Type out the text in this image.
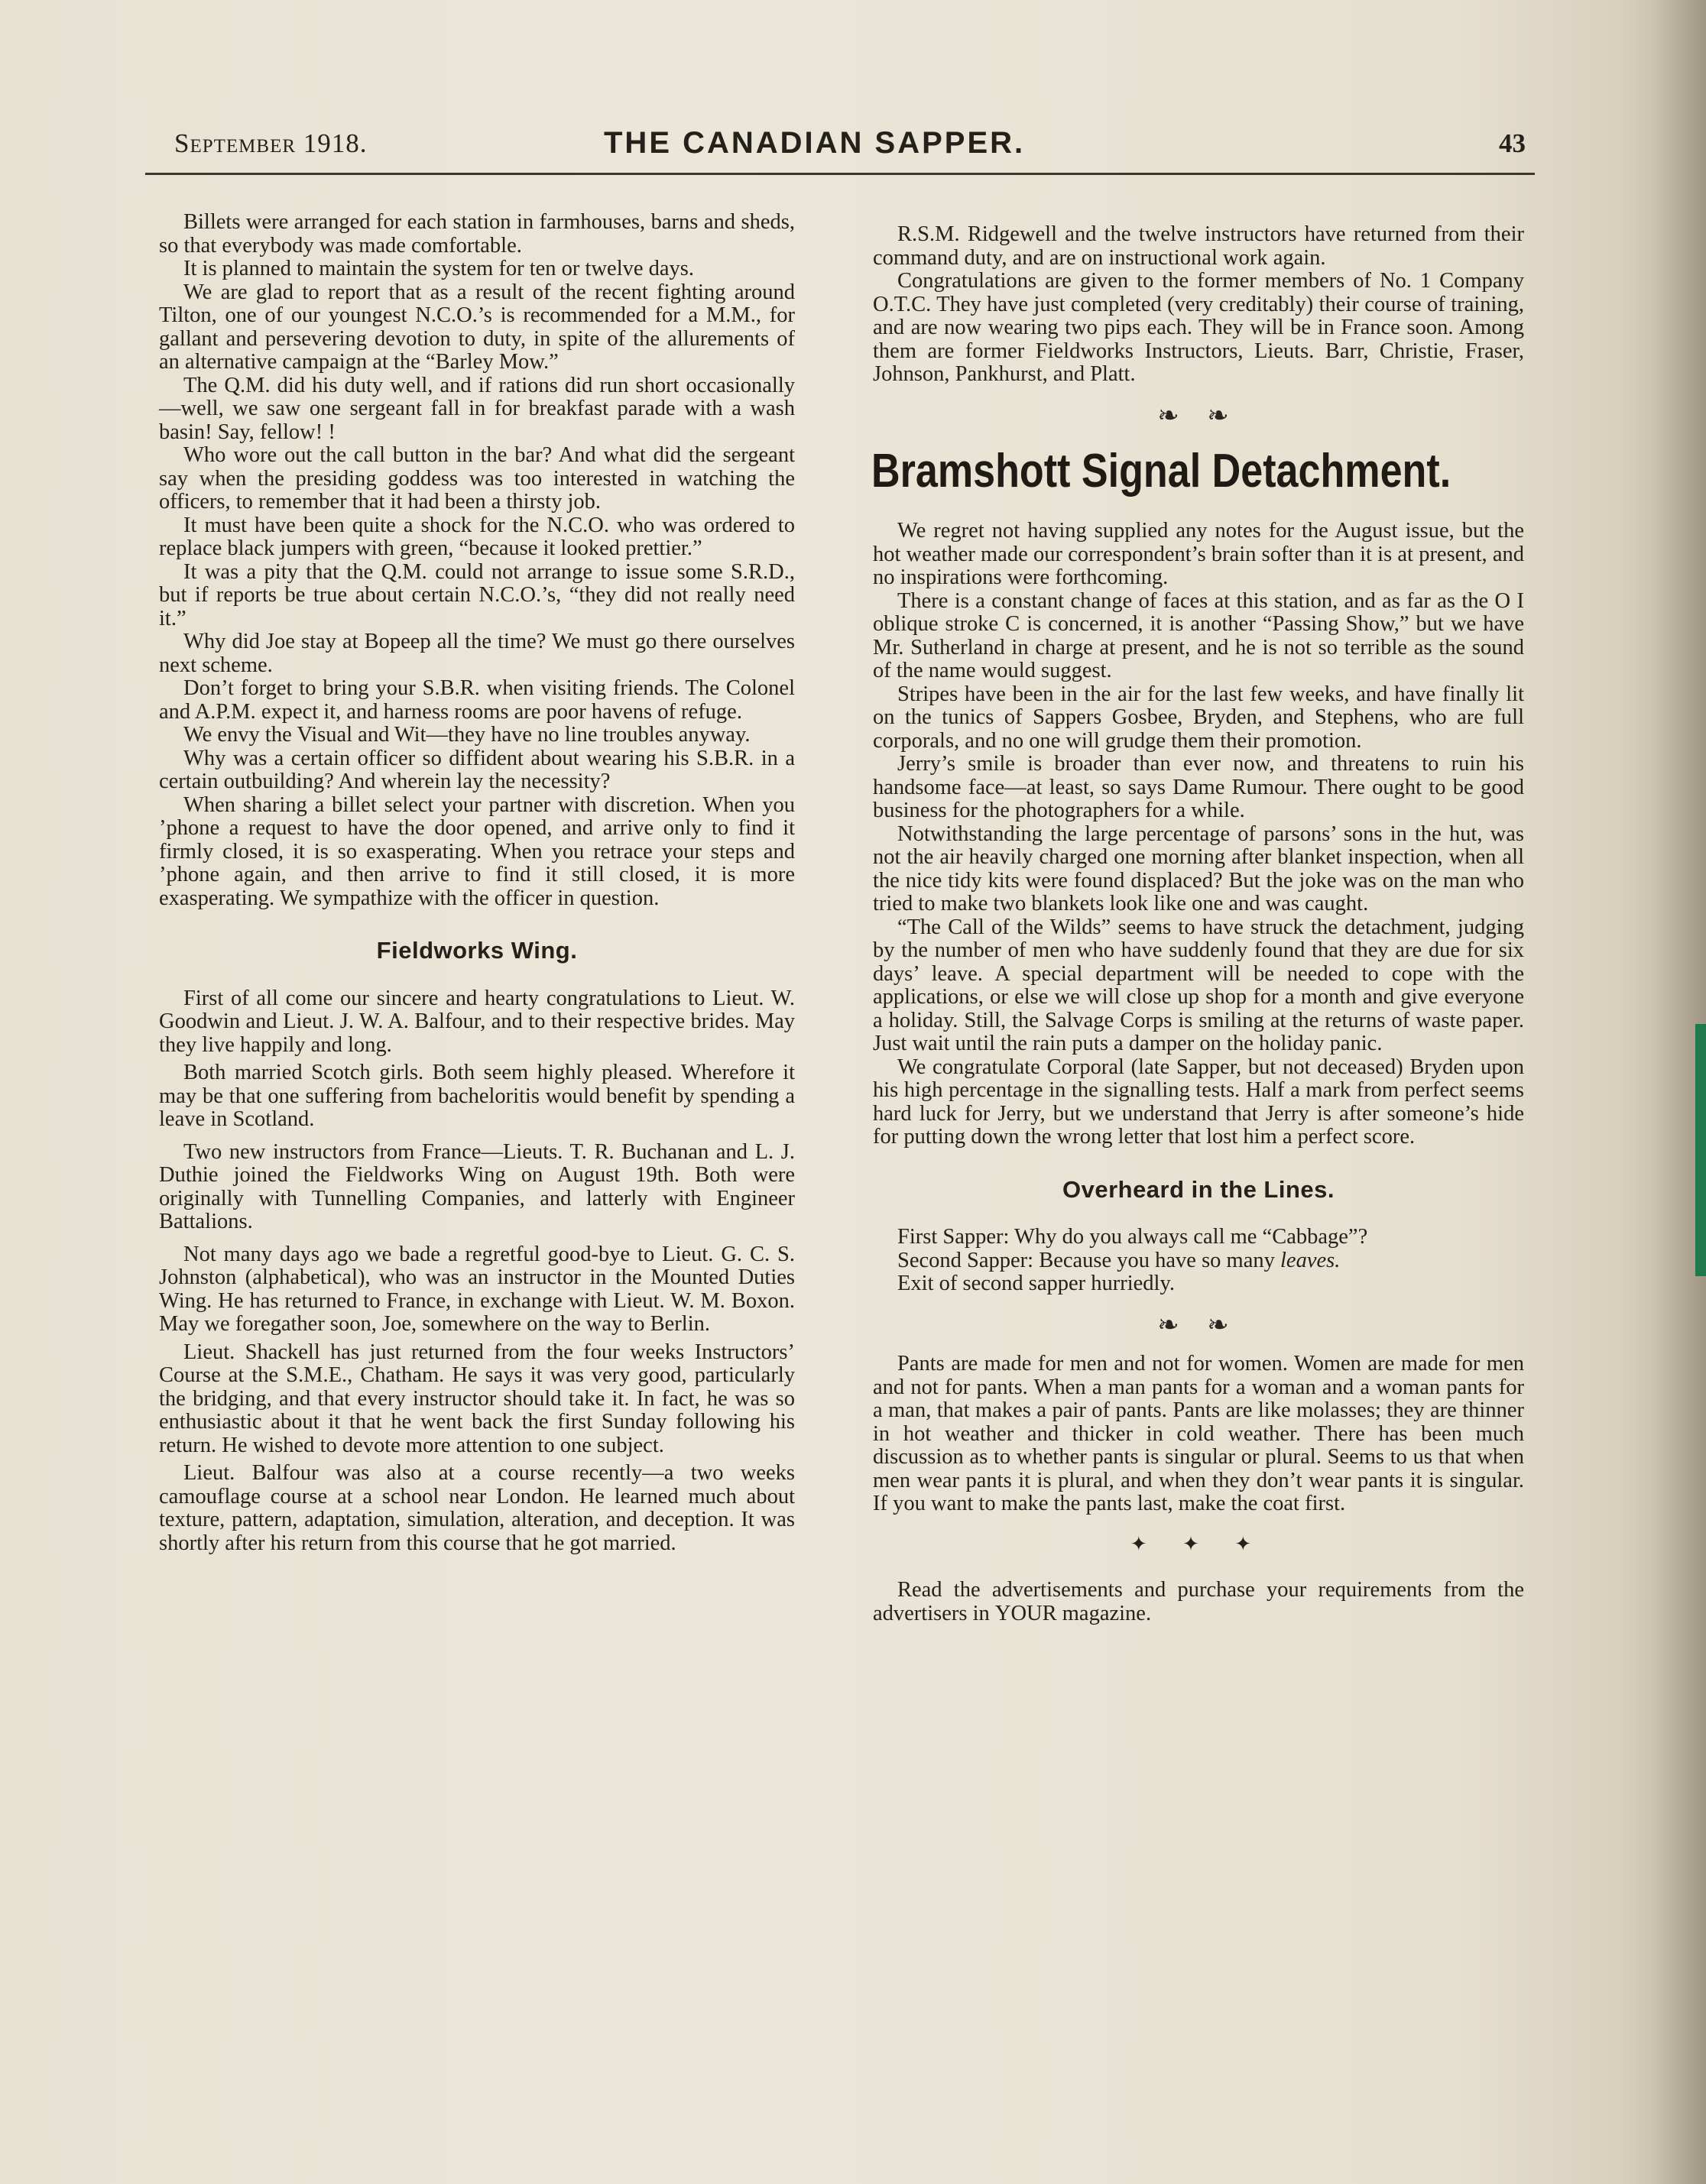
September 1918.	THE CANADIAN SAPPER.	43

Billets were arranged for each station in farmhouses, barns and sheds, so that everybody was made comfortable.

It is planned to maintain the system for ten or twelve days.

We are glad to report that as a result of the recent fighting around Tilton, one of our youngest N.C.O.’s is recommended for a M.M., for gallant and persevering devotion to duty, in spite of the allurements of an alternative campaign at the “Barley Mow.”

The Q.M. did his duty well, and if rations did run short occasionally—well, we saw one sergeant fall in for breakfast parade with a wash basin! Say, fellow! !

Who wore out the call button in the bar? And what did the sergeant say when the presiding goddess was too interested in watching the officers, to remember that it had been a thirsty job.

It must have been quite a shock for the N.C.O. who was ordered to replace black jumpers with green, “because it looked prettier.”

It was a pity that the Q.M. could not arrange to issue some S.R.D., but if reports be true about certain N.C.O.’s, “they did not really need it.”

Why did Joe stay at Bopeep all the time? We must go there ourselves next scheme.

Don’t forget to bring your S.B.R. when visiting friends. The Colonel and A.P.M. expect it, and harness rooms are poor havens of refuge.

We envy the Visual and Wit—they have no line troubles anyway.

Why was a certain officer so diffident about wearing his S.B.R. in a certain outbuilding? And wherein lay the necessity?

When sharing a billet select your partner with discretion. When you ’phone a request to have the door opened, and arrive only to find it firmly closed, it is so exasperating. When you retrace your steps and ’phone again, and then arrive to find it still closed, it is more exasperating. We sympathize with the officer in question.

Fieldworks Wing.

First of all come our sincere and hearty congratulations to Lieut. W. Goodwin and Lieut. J. W. A. Balfour, and to their respective brides. May they live happily and long.

Both married Scotch girls. Both seem highly pleased. Wherefore it may be that one suffering from bacheloritis would benefit by spending a leave in Scotland.

Two new instructors from France—Lieuts. T. R. Buchanan and L. J. Duthie joined the Fieldworks Wing on August 19th. Both were originally with Tunnelling Companies, and latterly with Engineer Battalions.

Not many days ago we bade a regretful good-bye to Lieut. G. C. S. Johnston (alphabetical), who was an instructor in the Mounted Duties Wing. He has returned to France, in exchange with Lieut. W. M. Boxon. May we foregather soon, Joe, somewhere on the way to Berlin.

Lieut. Shackell has just returned from the four weeks Instructors’ Course at the S.M.E., Chatham. He says it was very good, particularly the bridging, and that every instructor should take it. In fact, he was so enthusiastic about it that he went back the first Sunday following his return. He wished to devote more attention to one subject.

Lieut. Balfour was also at a course recently—a two weeks camouflage course at a school near London. He learned much about texture, pattern, adaptation, simulation, alteration, and deception. It was shortly after his return from this course that he got married.

R.S.M. Ridgewell and the twelve instructors have returned from their command duty, and are on instructional work again.

Congratulations are given to the former members of No. 1 Company O.T.C. They have just completed (very creditably) their course of training, and are now wearing two pips each. They will be in France soon. Among them are former Fieldworks Instructors, Lieuts. Barr, Christie, Fraser, Johnson, Pankhurst, and Platt.

❧ ❧
Bramshott Signal Detachment.

We regret not having supplied any notes for the August issue, but the hot weather made our correspondent’s brain softer than it is at present, and no inspirations were forthcoming.

There is a constant change of faces at this station, and as far as the O I oblique stroke C is concerned, it is another “Passing Show,” but we have Mr. Sutherland in charge at present, and he is not so terrible as the sound of the name would suggest.

Stripes have been in the air for the last few weeks, and have finally lit on the tunics of Sappers Gosbee, Bryden, and Stephens, who are full corporals, and no one will grudge them their promotion.

Jerry’s smile is broader than ever now, and threatens to ruin his handsome face—at least, so says Dame Rumour. There ought to be good business for the photographers for a while.

Notwithstanding the large percentage of parsons’ sons in the hut, was not the air heavily charged one morning after blanket inspection, when all the nice tidy kits were found displaced? But the joke was on the man who tried to make two blankets look like one and was caught.

“The Call of the Wilds” seems to have struck the detachment, judging by the number of men who have suddenly found that they are due for six days’ leave. A special department will be needed to cope with the applications, or else we will close up shop for a month and give everyone a holiday. Still, the Salvage Corps is smiling at the returns of waste paper. Just wait until the rain puts a damper on the holiday panic.

We congratulate Corporal (late Sapper, but not deceased) Bryden upon his high percentage in the signalling tests. Half a mark from perfect seems hard luck for Jerry, but we understand that Jerry is after someone’s hide for putting down the wrong letter that lost him a perfect score.

Overheard in the Lines.

First Sapper: Why do you always call me “Cabbage”?

Second Sapper: Because you have so many leaves.

Exit of second sapper hurriedly.

❧ ❧

Pants are made for men and not for women. Women are made for men and not for pants. When a man pants for a woman and a woman pants for a man, that makes a pair of pants. Pants are like molasses; they are thinner in hot weather and thicker in cold weather. There has been much discussion as to whether pants is singular or plural. Seems to us that when men wear pants it is plural, and when they don’t wear pants it is singular. If you want to make the pants last, make the coat first.

✦ ✦ ✦

Read the advertisements and purchase your requirements from the advertisers in YOUR magazine.
